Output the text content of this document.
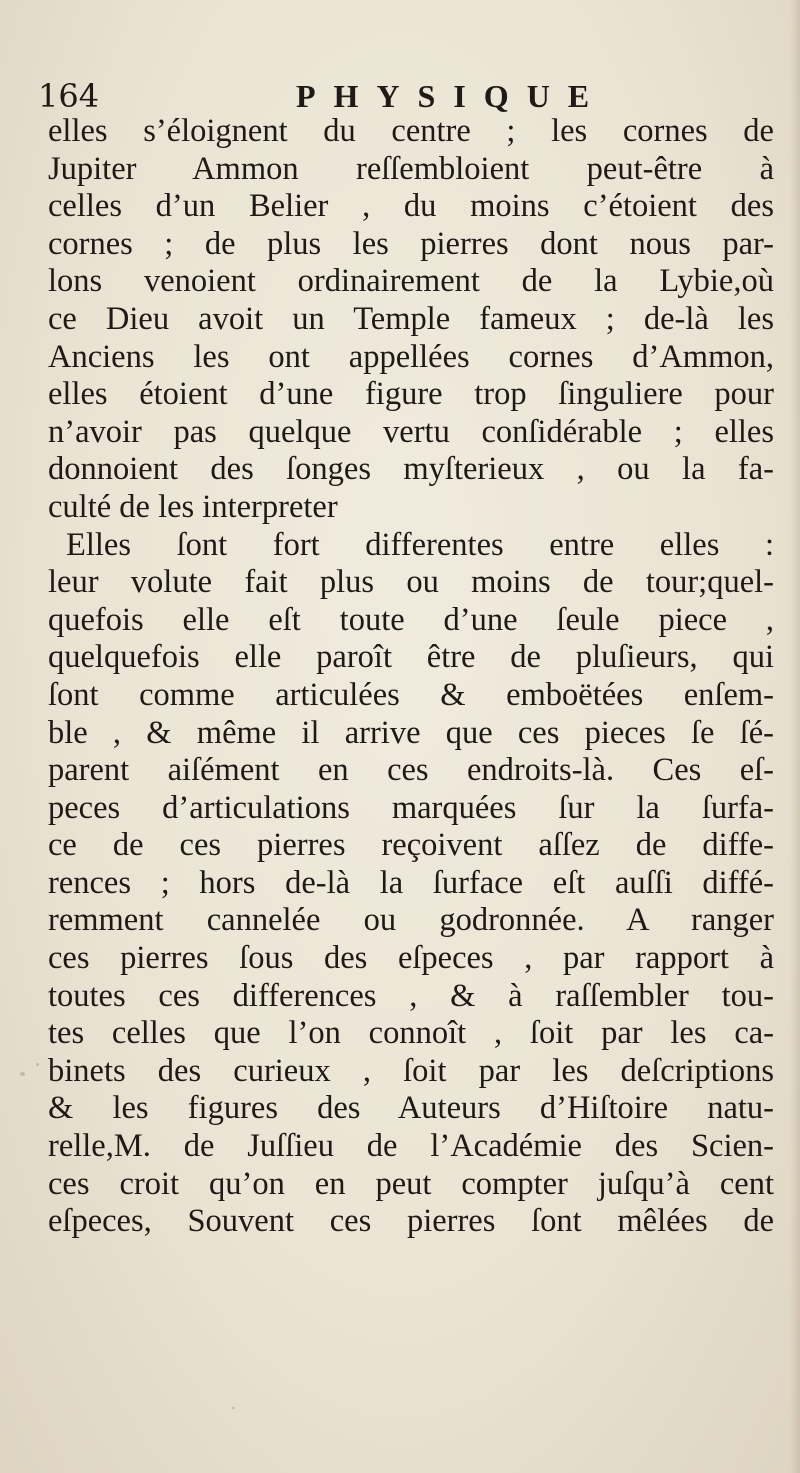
164	PHYSIQUE
elles s’éloignent du centre ; les cornes de
Jupiter Ammon reſſembloient peut-être à
celles d’un Belier , du moins c’étoient des
cornes ; de plus les pierres dont nous par-
lons venoient ordinairement de la Lybie,où
ce Dieu avoit un Temple fameux ; de-là les
Anciens les ont appellées cornes d’Ammon,
elles étoient d’une figure trop ſinguliere pour
n’avoir pas quelque vertu conſidérable ; elles
donnoient des ſonges myſterieux , ou la fa-
culté de les interpreter
Elles ſont fort differentes entre elles :
leur volute fait plus ou moins de tour;quel-
quefois elle eſt toute d’une ſeule piece ,
quelquefois elle paroît être de pluſieurs, qui
ſont comme articulées & emboëtées enſem-
ble , & même il arrive que ces pieces ſe ſé-
parent aiſément en ces endroits-là. Ces eſ-
peces d’articulations marquées ſur la ſurfa-
ce de ces pierres reçoivent aſſez de diffe-
rences ; hors de-là la ſurface eſt auſſi diffé-
remment cannelée ou godronnée. A ranger
ces pierres ſous des eſpeces , par rapport à
toutes ces differences , & à raſſembler tou-
tes celles que l’on connoît , ſoit par les ca-
binets des curieux , ſoit par les deſcriptions
& les figures des Auteurs d’Hiſtoire natu-
relle,M. de Juſſieu de l’Académie des Scien-
ces croit qu’on en peut compter juſqu’à cent
eſpeces, Souvent ces pierres ſont mêlées de
